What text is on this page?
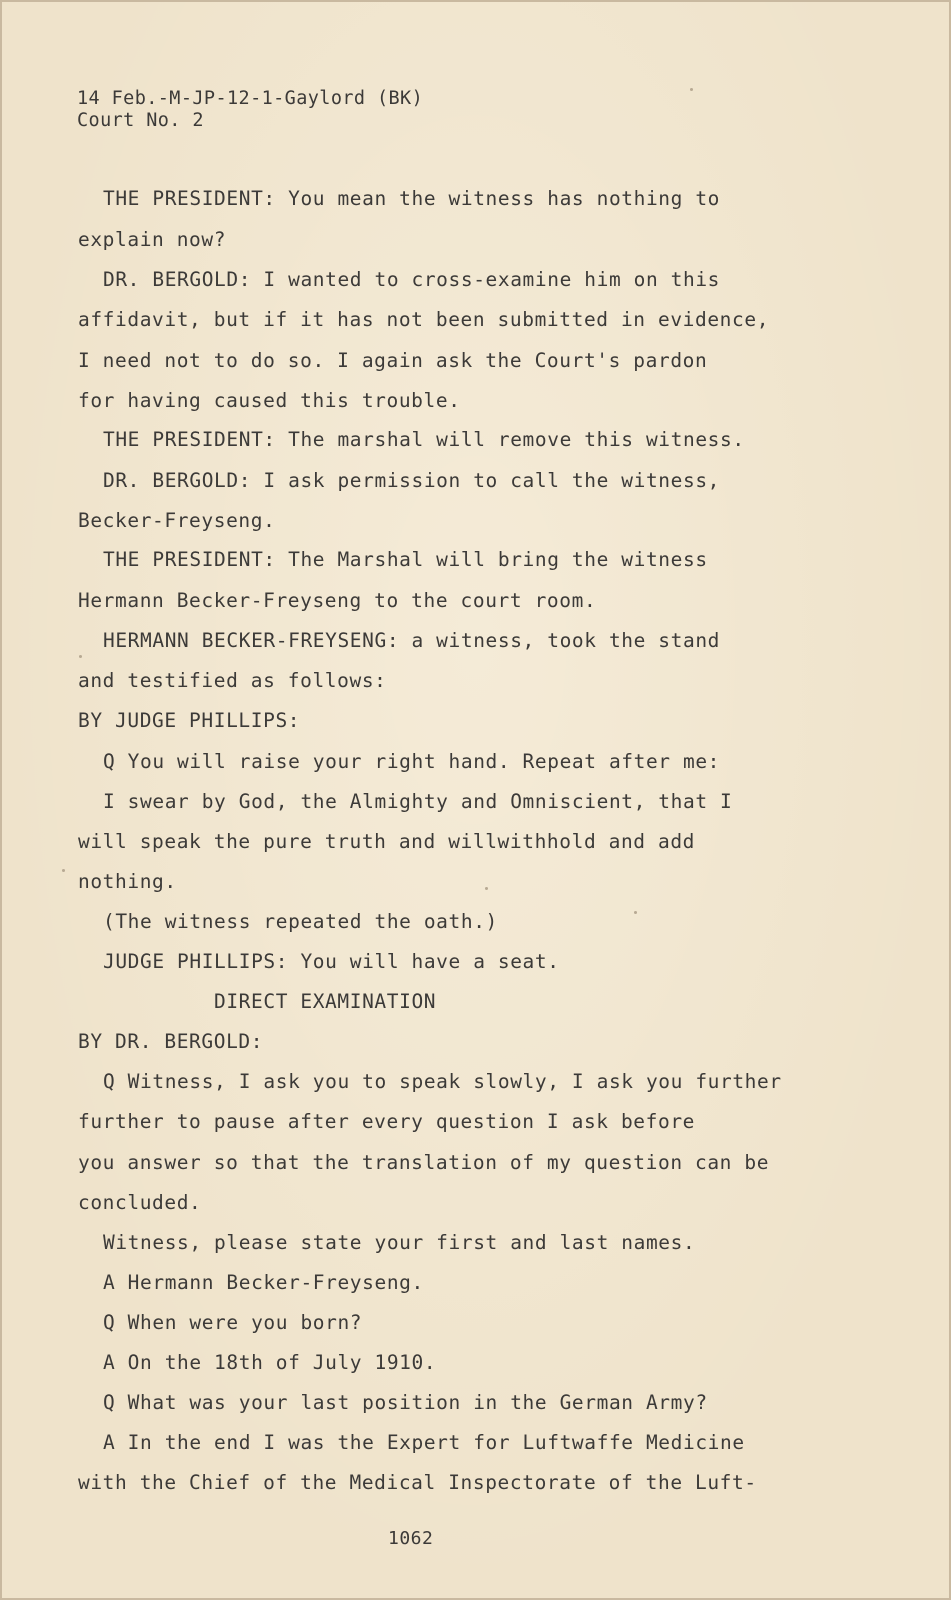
14 Feb.-M-JP-12-1-Gaylord (BK)
Court No. 2
THE PRESIDENT: You mean the witness has nothing to
explain now?
DR. BERGOLD: I wanted to cross-examine him on this
affidavit, but if it has not been submitted in evidence,
I need not to do so. I again ask the Court's pardon
for having caused this trouble.
THE PRESIDENT: The marshal will remove this witness.
DR. BERGOLD: I ask permission to call the witness,
Becker-Freyseng.
THE PRESIDENT: The Marshal will bring the witness
Hermann Becker-Freyseng to the court room.
HERMANN BECKER-FREYSENG: a witness, took the stand
and testified as follows:
BY JUDGE PHILLIPS:
Q You will raise your right hand. Repeat after me:
I swear by God, the Almighty and Omniscient, that I
will speak the pure truth and willwithhold and add
nothing.
(The witness repeated the oath.)
JUDGE PHILLIPS: You will have a seat.
DIRECT EXAMINATION
BY DR. BERGOLD:
Q Witness, I ask you to speak slowly, I ask you further
further to pause after every question I ask before
you answer so that the translation of my question can be
concluded.
Witness, please state your first and last names.
A Hermann Becker-Freyseng.
Q When were you born?
A On the 18th of July 1910.
Q What was your last position in the German Army?
A In the end I was the Expert for Luftwaffe Medicine
with the Chief of the Medical Inspectorate of the Luft-
1062
